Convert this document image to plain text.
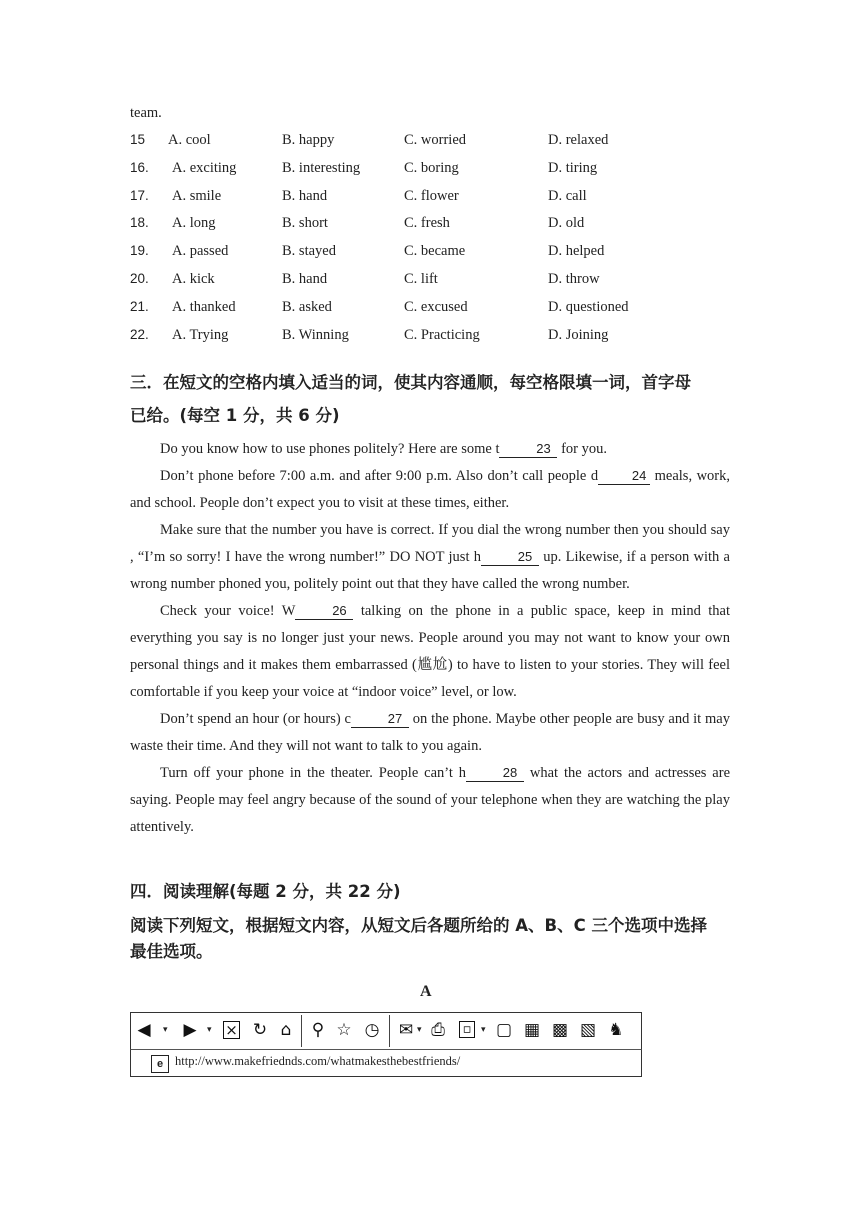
team.
15 A. cool	B. happy	C. worried	D. relaxed
16. A. exciting	B. interesting	C. boring	D. tiring
17. A. smile	B. hand	C. flower	D. call
18. A. long	B. short	C. fresh	D. old
19. A. passed	B. stayed	C. became	D. helped
20. A. kick	B. hand	C. lift	D. throw
21. A. thanked	B. asked	C. excused	D. questioned
22. A. Trying	B. Winning	C. Practicing	D. Joining
三．在短文的空格内填入适当的词，使其内容通顺，每空格限填一词，首字母
已给。(每空 1 分，共 6 分)

Do you know how to use phones politely? Here are some t	23 for you.

Don’t phone before 7:00 a.m. and after 9:00 p.m. Also don’t call people d	24 meals, work, and school. People don’t expect you to visit at these times, either.

Make sure that the number you have is correct. If you dial the wrong number then you should say , “I’m so sorry! I have the wrong number!” DO NOT just h	25 up. Likewise, if a person with a wrong number phoned you, politely point out that they have called the wrong number.

Check your voice! W	26 talking on the phone in a public space, keep in mind that everything you say is no longer just your news. People around you may not want to know your own personal things and it makes them embarrassed (尴尬) to have to listen to your stories. They will feel comfortable if you keep your voice at “indoor voice” level, or low.

Don’t spend an hour (or hours) c	27 on the phone. Maybe other people are busy and it may waste their time. And they will not want to talk to you again.

Turn off your phone in the theater. People can’t h	28 what the actors and actresses are saying. People may feel angry because of the sound of your telephone when they are watching the play attentively.

四．阅读理解(每题 2 分，共 22 分)
阅读下列短文，根据短文内容，从短文后各题所给的 A、B、C 三个选项中选择
最佳选项。
A
◀ ▾ ▶ ▾ × ↻ ⌂ ⚲ ☆ ◷ ✉ ▾ ⎙ ▫	▾ ▢ ▦ ▩ ▧ ♞
e http://www.makefriednds.com/whatmakesthebestfriends/
